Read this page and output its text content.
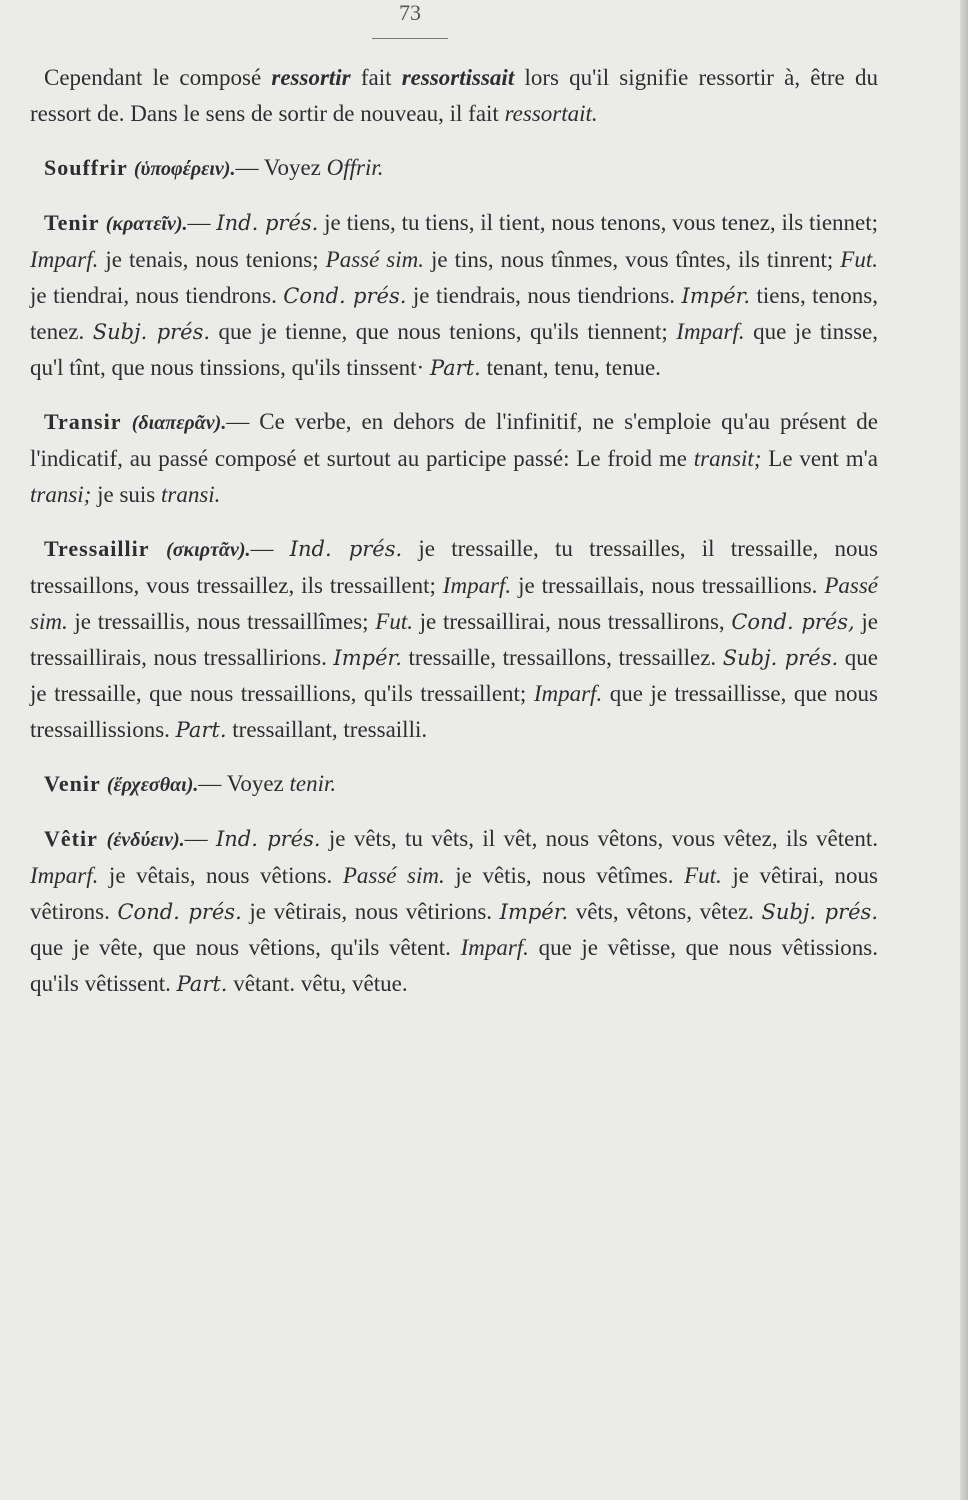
73

Cependant le composé ressortir fait ressortissait lors qu'il signifie ressortir à, être du ressort de. Dans le sens de sortir de nouveau, il fait ressortait.

Souffrir (ὑποφέρειν).— Voyez Offrir.

Tenir (κρατεῖν).— Ind. prés. je tiens, tu tiens, il tient, nous tenons, vous tenez, ils tiennet; Imparf. je tenais, nous tenions; Passé sim. je tins, nous tînmes, vous tîntes, ils tinrent; Fut. je tiendrai, nous tiendrons. Cond. prés. je tiendrais, nous tiendrions. Impér. tiens, tenons, tenez. Subj. prés. que je tienne, que nous tenions, qu'ils tiennent; Imparf. que je tinsse, qu'l tînt, que nous tinssions, qu'ils tinssent· Part. tenant, tenu, tenue.

Transir (διαπερᾶν).— Ce verbe, en dehors de l'infinitif, ne s'emploie qu'au présent de l'indicatif, au passé composé et surtout au participe passé: Le froid me transit; Le vent m'a transi; je suis transi.

Tressaillir (σκιρτᾶν).— Ind. prés. je tressaille, tu tressailles, il tressaille, nous tressaillons, vous tressaillez, ils tressaillent; Imparf. je tressaillais, nous tressaillions. Passé sim. je tressaillis, nous tressaillîmes; Fut. je tressaillirai, nous tressallirons, Cond. prés, je tressaillirais, nous tressallirions. Impér. tressaille, tressaillons, tressaillez. Subj. prés. que je tressaille, que nous tressaillions, qu'ils tressaillent; Imparf. que je tressaillisse, que nous tressaillissions. Part. tressaillant, tressailli.

Venir (ἔρχεσθαι).— Voyez tenir.

Vêtir (ἐνδύειν).— Ind. prés. je vêts, tu vêts, il vêt, nous vêtons, vous vêtez, ils vêtent. Imparf. je vêtais, nous vêtions. Passé sim. je vêtis, nous vêtîmes. Fut. je vêtirai, nous vêtirons. Cond. prés. je vêtirais, nous vêtirions. Impér. vêts, vêtons, vêtez. Subj. prés. que je vête, que nous vêtions, qu'ils vêtent. Imparf. que je vêtisse, que nous vêtissions. qu'ils vêtissent. Part. vêtant. vêtu, vêtue.
